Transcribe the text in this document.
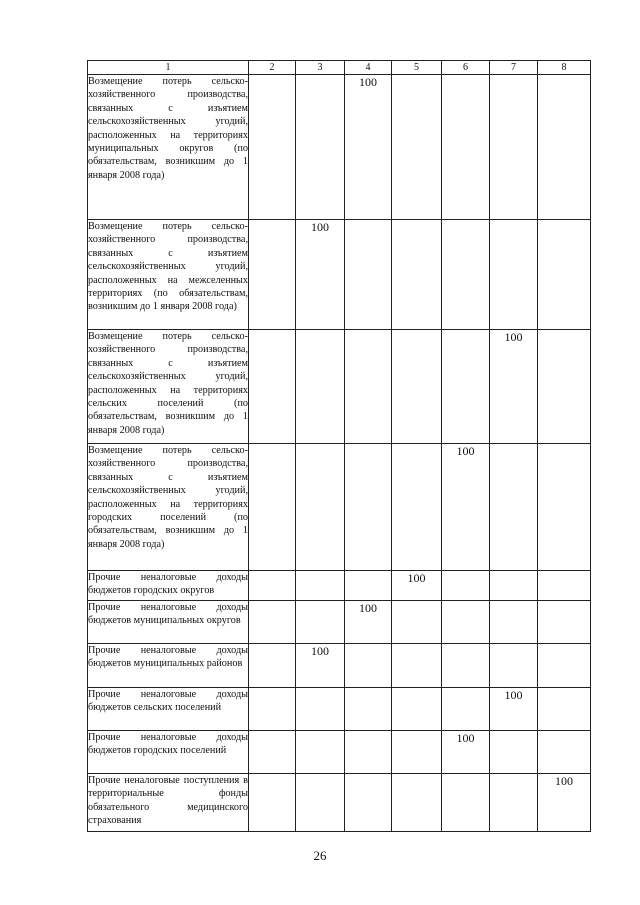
1	2	3	4	5	6	7	8
Возмещение потерь сельскохозяйственного производства, связанных с изъятием сельскохозяйственных угодий, расположенных на территориях муниципальных округов (по обязательствам, возникшим до 1 января 2008 года)			100				
Возмещение потерь сельскохозяйственного производства, связанных с изъятием сельскохозяйственных угодий, расположенных на межселенных территориях (по обязательствам, возникшим до 1 января 2008 года)		100					
Возмещение потерь сельскохозяйственного производства, связанных с изъятием сельскохозяйственных угодий, расположенных на территориях сельских поселений (по обязательствам, возникшим до 1 января 2008 года)						100	
Возмещение потерь сельскохозяйственного производства, связанных с изъятием сельскохозяйственных угодий, расположенных на территориях городских поселений (по обязательствам, возникшим до 1 января 2008 года)					100		
Прочие неналоговые доходы бюджетов городских округов				100			
Прочие неналоговые доходы бюджетов муниципальных округов			100				
Прочие неналоговые доходы бюджетов муниципальных районов		100					
Прочие неналоговые доходы бюджетов сельских поселений						100	
Прочие неналоговые доходы бюджетов городских поселений					100		
Прочие неналоговые поступления в территориальные фонды обязательного медицинского страхования							100
26
